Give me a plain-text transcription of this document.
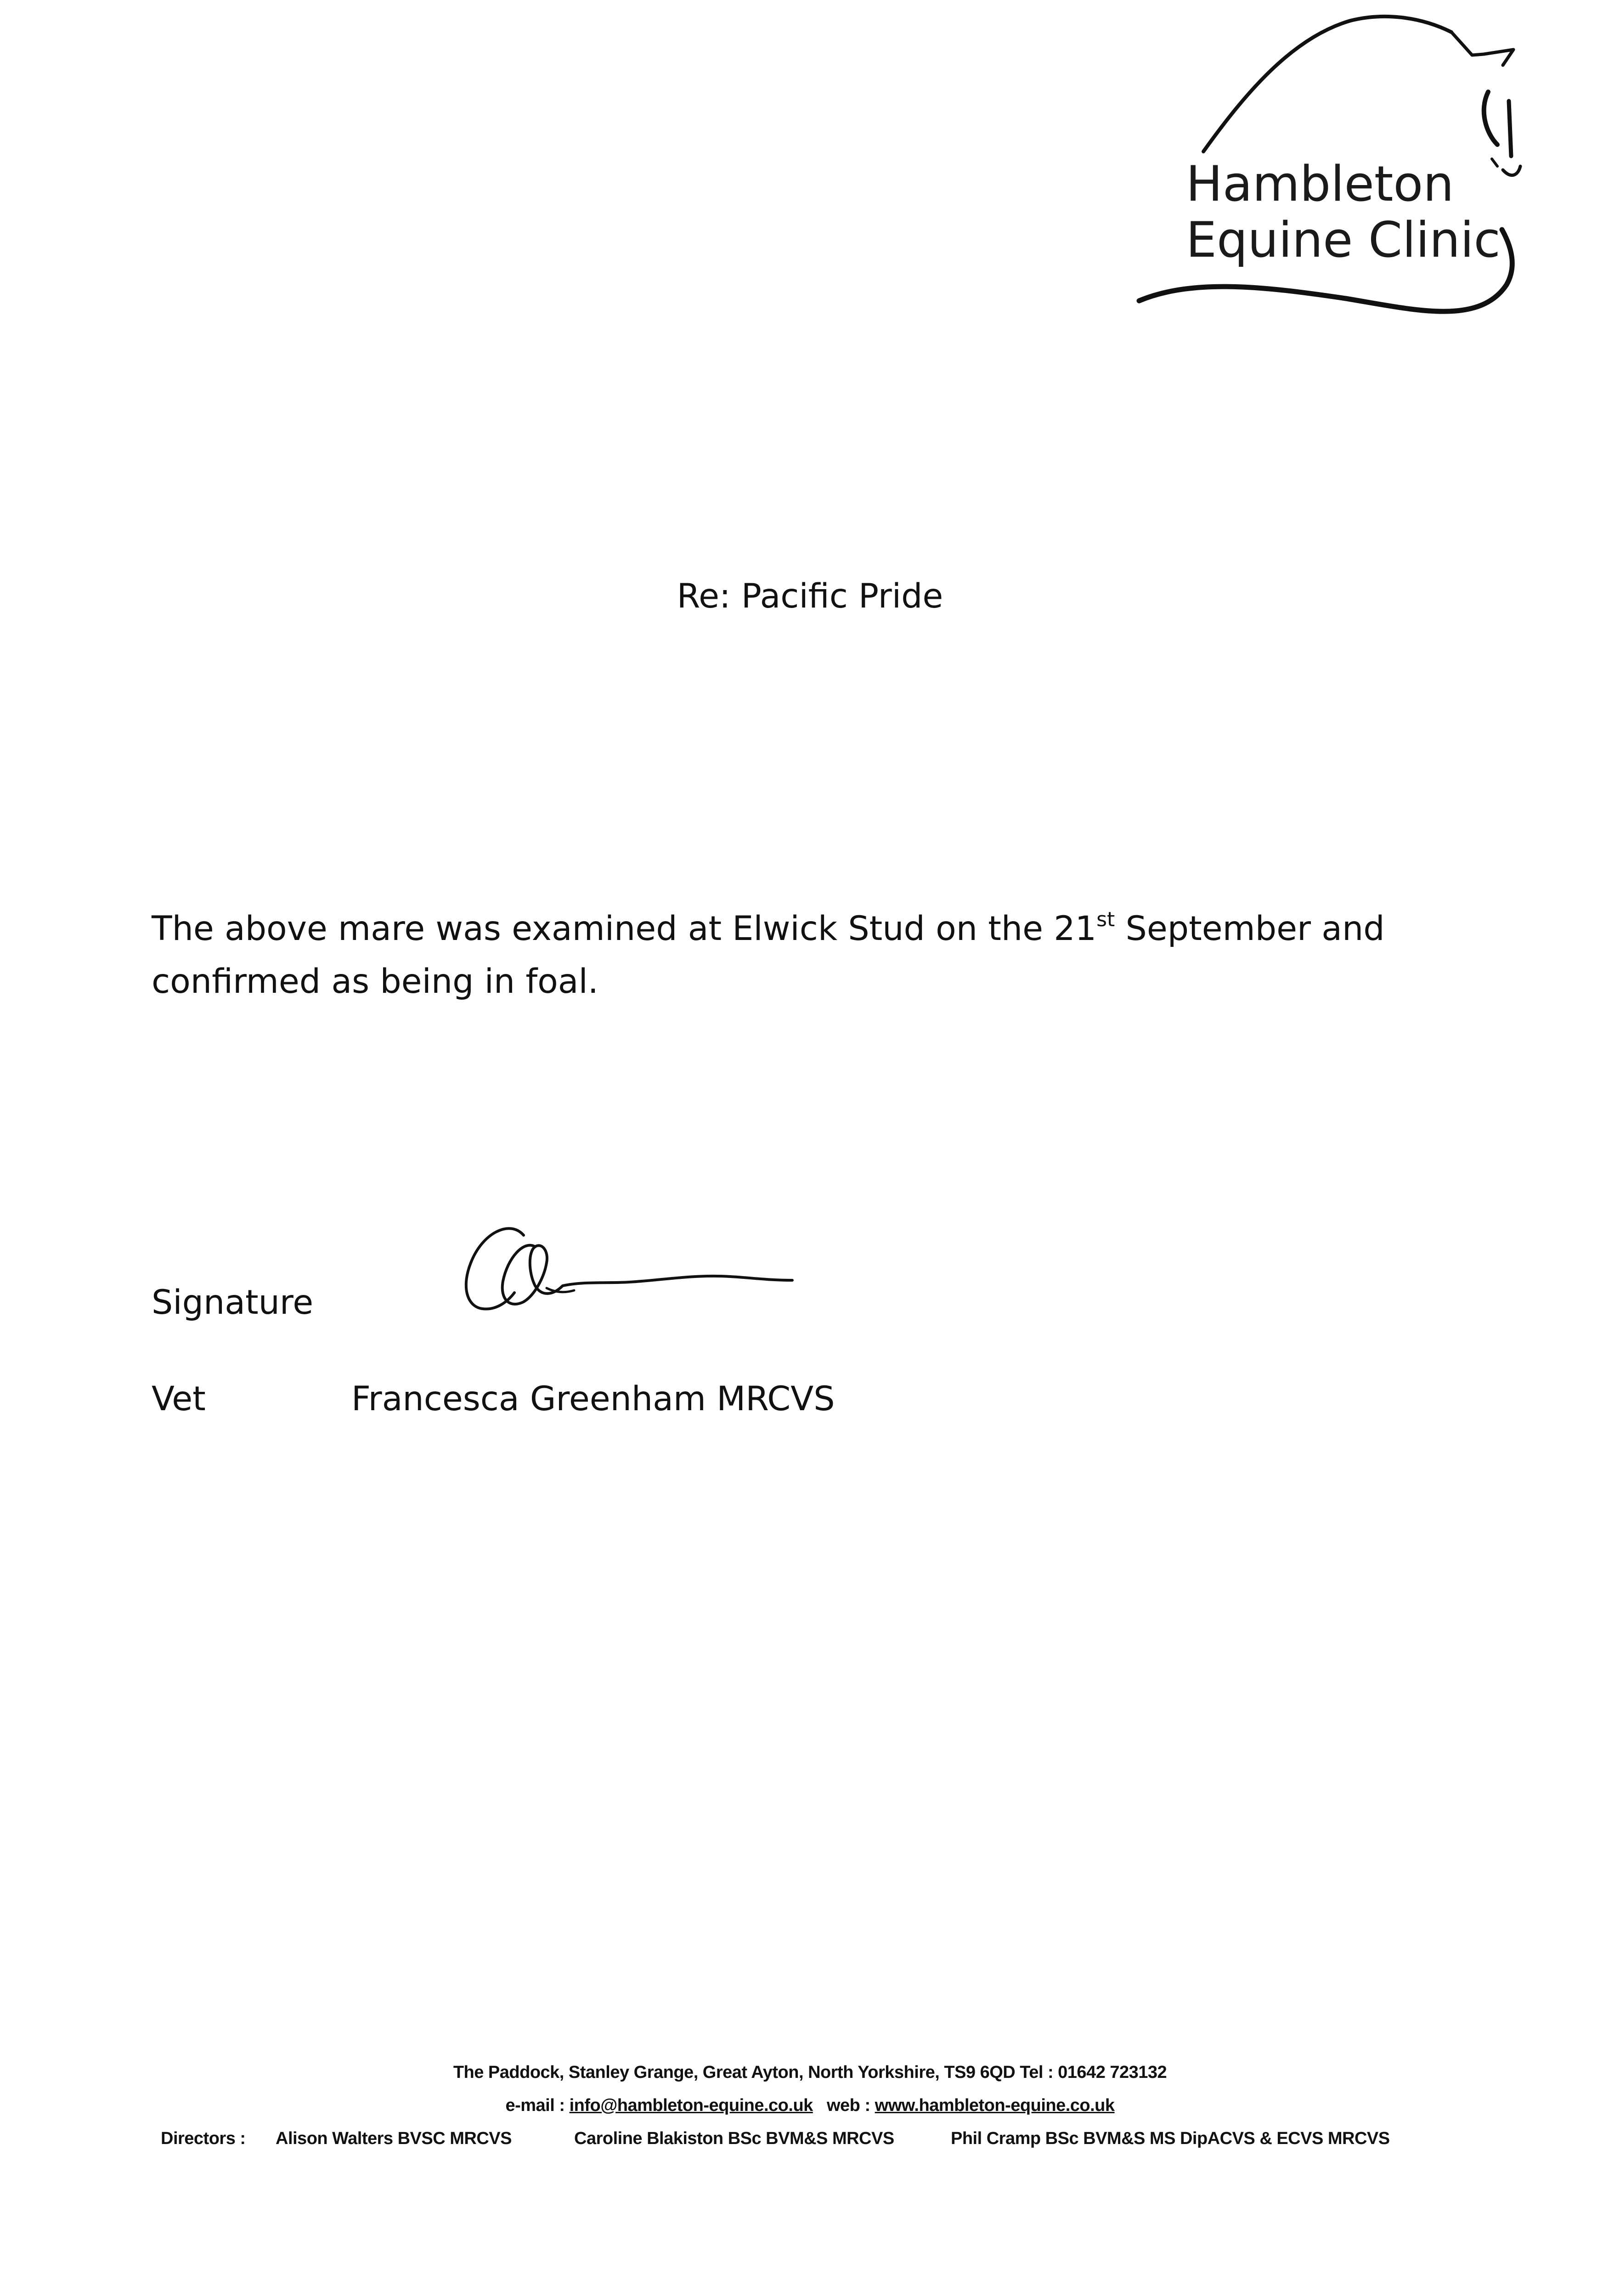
Hambleton
Equine Clinic
Re: Pacific Pride
The above mare was examined at Elwick Stud on the 21st September and confirmed as being in foal.
Signature
Vet	Francesca Greenham MRCVS
The Paddock, Stanley Grange, Great Ayton, North Yorkshire, TS9 6QD Tel : 01642 723132
e-mail : info@hambleton-equine.co.uk web : www.hambleton-equine.co.uk
Directors : Alison Walters BVSC MRCVS	Caroline Blakiston BSc BVM&S MRCVS	Phil Cramp BSc BVM&S MS DipACVS & ECVS MRCVS
